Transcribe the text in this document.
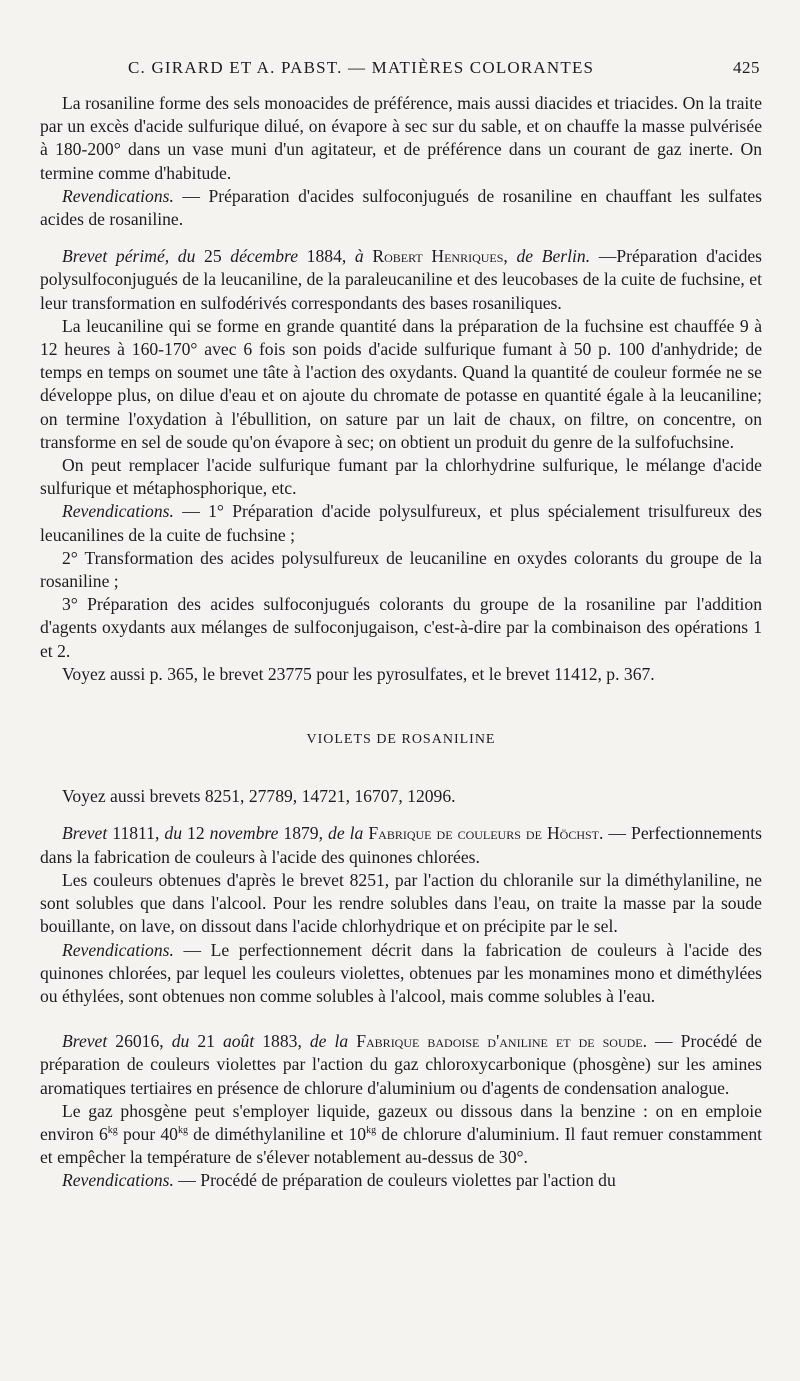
C. GIRARD ET A. PABST. — MATIÈRES COLORANTES	425

La rosaniline forme des sels monoacides de préférence, mais aussi diacides et triacides. On la traite par un excès d'acide sulfurique dilué, on évapore à sec sur du sable, et on chauffe la masse pulvérisée à 180-200° dans un vase muni d'un agitateur, et de préférence dans un courant de gaz inerte. On termine comme d'habitude.

Revendications. — Préparation d'acides sulfoconjugués de rosaniline en chauffant les sulfates acides de rosaniline.

Brevet périmé, du 25 décembre 1884, à Robert Henriques, de Berlin. —Préparation d'acides polysulfoconjugués de la leucaniline, de la paraleucaniline et des leucobases de la cuite de fuchsine, et leur transformation en sulfodérivés correspondants des bases rosaniliques.

La leucaniline qui se forme en grande quantité dans la préparation de la fuchsine est chauffée 9 à 12 heures à 160-170° avec 6 fois son poids d'acide sulfurique fumant à 50 p. 100 d'anhydride; de temps en temps on soumet une tâte à l'action des oxydants. Quand la quantité de couleur formée ne se développe plus, on dilue d'eau et on ajoute du chromate de potasse en quantité égale à la leucaniline; on termine l'oxydation à l'ébullition, on sature par un lait de chaux, on filtre, on concentre, on transforme en sel de soude qu'on évapore à sec; on obtient un produit du genre de la sulfofuchsine.

On peut remplacer l'acide sulfurique fumant par la chlorhydrine sulfurique, le mélange d'acide sulfurique et métaphosphorique, etc.

Revendications. — 1° Préparation d'acide polysulfureux, et plus spécialement trisulfureux des leucanilines de la cuite de fuchsine ;

2° Transformation des acides polysulfureux de leucaniline en oxydes colorants du groupe de la rosaniline ;

3° Préparation des acides sulfoconjugués colorants du groupe de la rosaniline par l'addition d'agents oxydants aux mélanges de sulfoconjugaison, c'est-à-dire par la combinaison des opérations 1 et 2.

Voyez aussi p. 365, le brevet 23775 pour les pyrosulfates, et le brevet 11412, p. 367.

VIOLETS DE ROSANILINE

Voyez aussi brevets 8251, 27789, 14721, 16707, 12096.

Brevet 11811, du 12 novembre 1879, de la Fabrique de couleurs de Höchst. — Perfectionnements dans la fabrication de couleurs à l'acide des quinones chlorées.

Les couleurs obtenues d'après le brevet 8251, par l'action du chloranile sur la diméthylaniline, ne sont solubles que dans l'alcool. Pour les rendre solubles dans l'eau, on traite la masse par la soude bouillante, on lave, on dissout dans l'acide chlorhydrique et on précipite par le sel.

Revendications. — Le perfectionnement décrit dans la fabrication de couleurs à l'acide des quinones chlorées, par lequel les couleurs violettes, obtenues par les monamines mono et diméthylées ou éthylées, sont obtenues non comme solubles à l'alcool, mais comme solubles à l'eau.

Brevet 26016, du 21 août 1883, de la Fabrique badoise d'aniline et de soude. — Procédé de préparation de couleurs violettes par l'action du gaz chloroxycarbonique (phosgène) sur les amines aromatiques tertiaires en présence de chlorure d'aluminium ou d'agents de condensation analogue.

Le gaz phosgène peut s'employer liquide, gazeux ou dissous dans la benzine : on en emploie environ $6^{kg}$ pour $40^{kg}$ de diméthylaniline et $10^{kg}$ de chlorure d'aluminium. Il faut remuer constamment et empêcher la température de s'élever notablement au-dessus de 30°.

Revendications. — Procédé de préparation de couleurs violettes par l'action du
